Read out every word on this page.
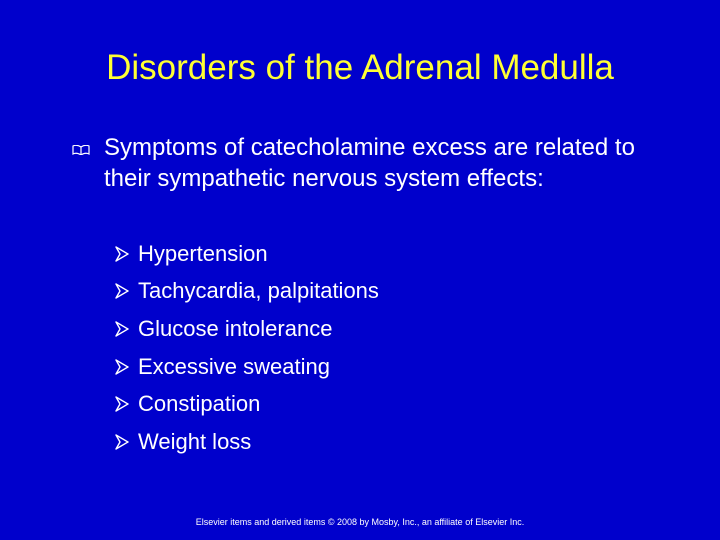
Disorders of the Adrenal Medulla
Symptoms of catecholamine excess are related to their sympathetic nervous system effects:
Hypertension
Tachycardia, palpitations
Glucose intolerance
Excessive sweating
Constipation
Weight loss
Elsevier items and derived items © 2008 by Mosby, Inc., an affiliate of Elsevier Inc.
